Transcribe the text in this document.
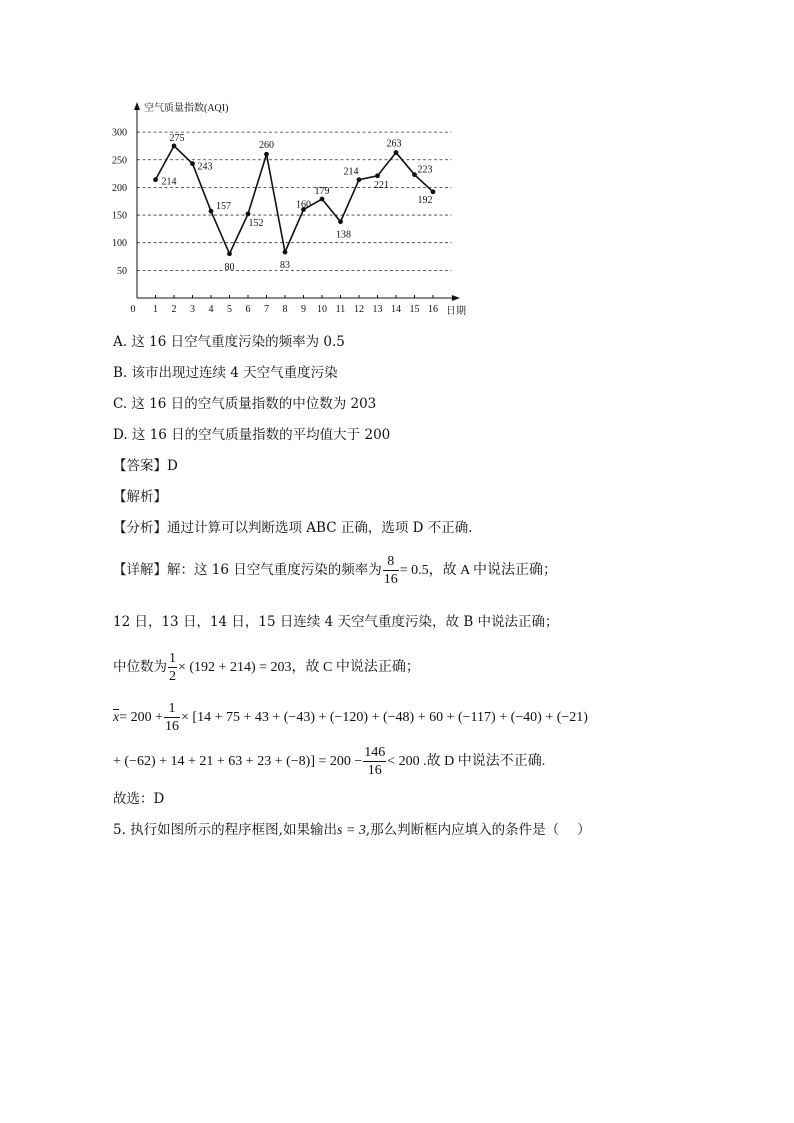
50
100
150
200
250
300
0 1 2 3 4 5 6 7 8 9 10 11 12 13 14 15 16
214
275
243
157
80
152
260
83
160
179
138
214
221
263
223
192
空气质量指数(AQI)
日期
A. 这 16 日空气重度污染的频率为 0.5
B. 该市出现过连续 4 天空气重度污染
C. 这 16 日的空气质量指数的中位数为 203
D. 这 16 日的空气质量指数的平均值大于 200
【答案】D
【解析】
【分析】通过计算可以判断选项 ABC 正确，选项 D 不正确.
【详解】解：这 16 日空气重度污染的频率为 $\frac{8}{16} = 0.5$，故 A 中说法正确；
12 日，13 日，14 日，15 日连续 4 天空气重度污染，故 B 中说法正确；
中位数为 $\frac{1}{2} \times (192 + 214) = 203$，故 C 中说法正确；
$\overline{x}= 200 + \frac{1}{16} \times [14 + 75 + 43 + (-43) + (-120) + (-48) + 60 + (-117) + (-40) + (-21)$
+ $(-62) + 14 + 21 + 63 + 23 + (-8)] = 200 - \frac{146}{16} < 200$ .故 D 中说法不正确.
故选：D
5. 执行如图所示的程序框图,如果输出s = 3,那么判断框内应填入的条件是（ ）
